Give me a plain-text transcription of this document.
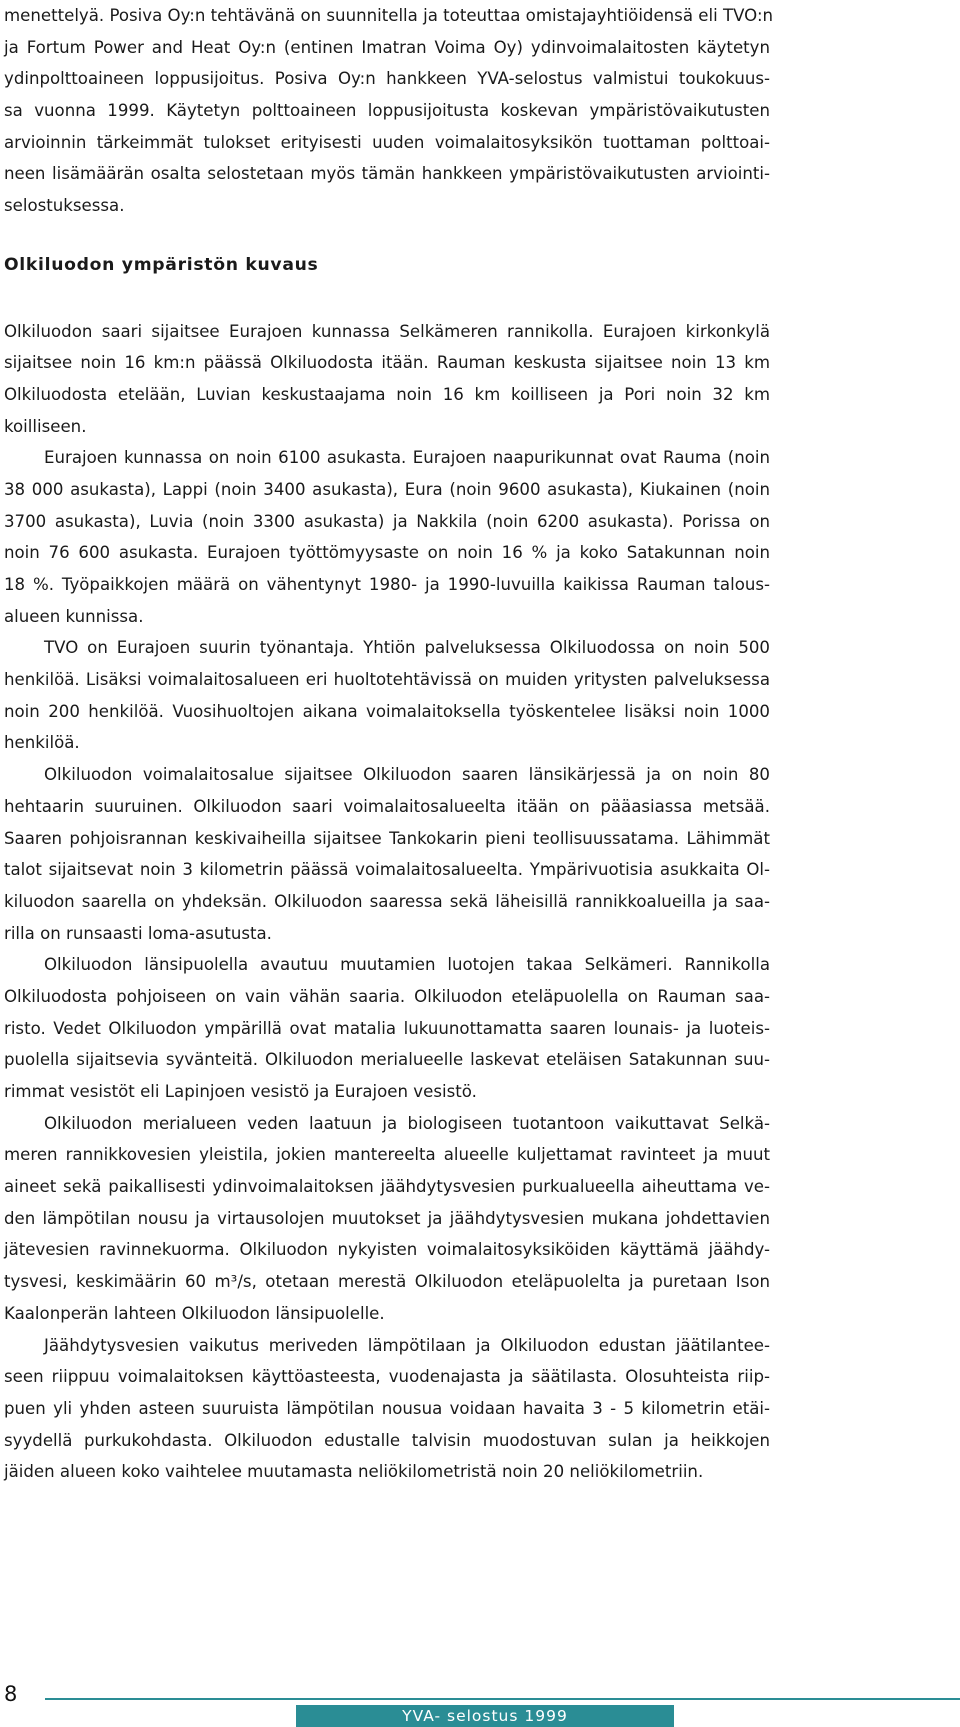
menettelyä. Posiva Oy:n tehtävänä on suunnitella ja toteuttaa omistajayhtiöidensä eli TVO:n

ja Fortum Power and Heat Oy:n (entinen Imatran Voima Oy) ydinvoimalaitosten käytetyn

ydinpolttoaineen loppusijoitus. Posiva Oy:n hankkeen YVA-selostus valmistui toukokuus-

sa vuonna 1999. Käytetyn polttoaineen loppusijoitusta koskevan ympäristövaikutusten

arvioinnin tärkeimmät tulokset erityisesti uuden voimalaitosyksikön tuottaman polttoai-

neen lisämäärän osalta selostetaan myös tämän hankkeen ympäristövaikutusten arviointi-

selostuksessa.

Olkiluodon ympäristön kuvaus

Olkiluodon saari sijaitsee Eurajoen kunnassa Selkämeren rannikolla. Eurajoen kirkonkylä

sijaitsee noin 16 km:n päässä Olkiluodosta itään. Rauman keskusta sijaitsee noin 13 km

Olkiluodosta etelään, Luvian keskustaajama noin 16 km koilliseen ja Pori noin 32 km

koilliseen.

Eurajoen kunnassa on noin 6100 asukasta. Eurajoen naapurikunnat ovat Rauma (noin

38 000 asukasta), Lappi (noin 3400 asukasta), Eura (noin 9600 asukasta), Kiukainen (noin

3700 asukasta), Luvia (noin 3300 asukasta) ja Nakkila (noin 6200 asukasta). Porissa on

noin 76 600 asukasta. Eurajoen työttömyysaste on noin 16 % ja koko Satakunnan noin

18 %. Työpaikkojen määrä on vähentynyt 1980- ja 1990-luvuilla kaikissa Rauman talous-

alueen kunnissa.

TVO on Eurajoen suurin työnantaja. Yhtiön palveluksessa Olkiluodossa on noin 500

henkilöä. Lisäksi voimalaitosalueen eri huoltotehtävissä on muiden yritysten palveluksessa

noin 200 henkilöä. Vuosihuoltojen aikana voimalaitoksella työskentelee lisäksi noin 1000

henkilöä.

Olkiluodon voimalaitosalue sijaitsee Olkiluodon saaren länsikärjessä ja on noin 80

hehtaarin suuruinen. Olkiluodon saari voimalaitosalueelta itään on pääasiassa metsää.

Saaren pohjoisrannan keskivaiheilla sijaitsee Tankokarin pieni teollisuussatama. Lähimmät

talot sijaitsevat noin 3 kilometrin päässä voimalaitosalueelta. Ympärivuotisia asukkaita Ol-

kiluodon saarella on yhdeksän. Olkiluodon saaressa sekä läheisillä rannikkoalueilla ja saa-

rilla on runsaasti loma-asutusta.

Olkiluodon länsipuolella avautuu muutamien luotojen takaa Selkämeri. Rannikolla

Olkiluodosta pohjoiseen on vain vähän saaria. Olkiluodon eteläpuolella on Rauman saa-

risto. Vedet Olkiluodon ympärillä ovat matalia lukuunottamatta saaren lounais- ja luoteis-

puolella sijaitsevia syvänteitä. Olkiluodon merialueelle laskevat eteläisen Satakunnan suu-

rimmat vesistöt eli Lapinjoen vesistö ja Eurajoen vesistö.

Olkiluodon merialueen veden laatuun ja biologiseen tuotantoon vaikuttavat Selkä-

meren rannikkovesien yleistila, jokien mantereelta alueelle kuljettamat ravinteet ja muut

aineet sekä paikallisesti ydinvoimalaitoksen jäähdytysvesien purkualueella aiheuttama ve-

den lämpötilan nousu ja virtausolojen muutokset ja jäähdytysvesien mukana johdettavien

jätevesien ravinnekuorma. Olkiluodon nykyisten voimalaitosyksiköiden käyttämä jäähdy-

tysvesi, keskimäärin 60 m³/s, otetaan merestä Olkiluodon eteläpuolelta ja puretaan Ison

Kaalonperän lahteen Olkiluodon länsipuolelle.

Jäähdytysvesien vaikutus meriveden lämpötilaan ja Olkiluodon edustan jäätilantee-

seen riippuu voimalaitoksen käyttöasteesta, vuodenajasta ja säätilasta. Olosuhteista riip-

puen yli yhden asteen suuruista lämpötilan nousua voidaan havaita 3 - 5 kilometrin etäi-

syydellä purkukohdasta. Olkiluodon edustalle talvisin muodostuvan sulan ja heikkojen

jäiden alueen koko vaihtelee muutamasta neliökilometristä noin 20 neliökilometriin.

8
YVA- selostus 1999
